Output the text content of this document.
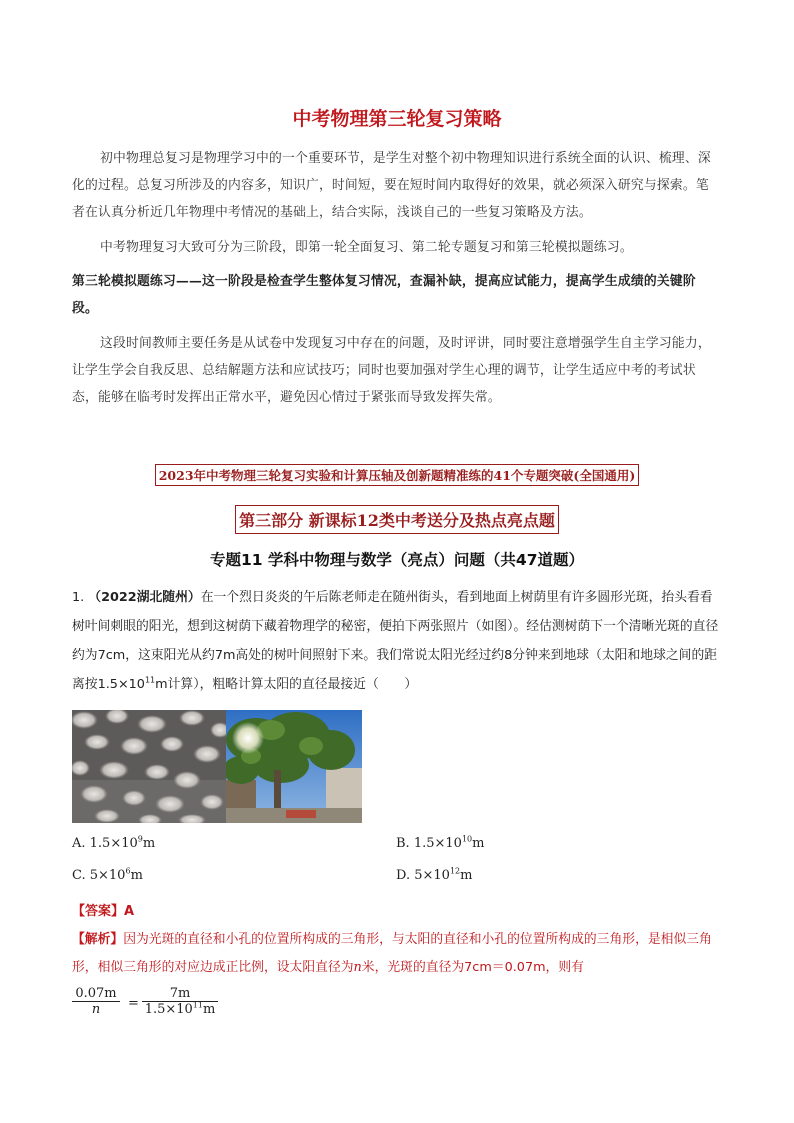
中考物理第三轮复习策略
初中物理总复习是物理学习中的一个重要环节，是学生对整个初中物理知识进行系统全面的认识、梳理、深化的过程。总复习所涉及的内容多，知识广，时间短，要在短时间内取得好的效果，就必须深入研究与探索。笔者在认真分析近几年物理中考情况的基础上，结合实际，浅谈自己的一些复习策略及方法。
中考物理复习大致可分为三阶段，即第一轮全面复习、第二轮专题复习和第三轮模拟题练习。
第三轮模拟题练习——这一阶段是检查学生整体复习情况，查漏补缺，提高应试能力，提高学生成绩的关键阶段。
这段时间教师主要任务是从试卷中发现复习中存在的问题，及时评讲，同时要注意增强学生自主学习能力，让学生学会自我反思、总结解题方法和应试技巧；同时也要加强对学生心理的调节，让学生适应中考的考试状态，能够在临考时发挥出正常水平，避免因心情过于紧张而导致发挥失常。
2023年中考物理三轮复习实验和计算压轴及创新题精准练的41个专题突破(全国通用)
第三部分 新课标12类中考送分及热点亮点题
专题11 学科中物理与数学（亮点）问题（共47道题）
1. （2022湖北随州）在一个烈日炎炎的午后陈老师走在随州街头，看到地面上树荫里有许多圆形光斑，抬头看看树叶间刺眼的阳光，想到这树荫下藏着物理学的秘密，便拍下两张照片（如图）。经估测树荫下一个清晰光斑的直径约为7cm，这束阳光从约7m高处的树叶间照射下来。我们常说太阳光经过约8分钟来到地球（太阳和地球之间的距离按$1.5\times 10^{11}m$计算），粗略计算太阳的直径最接近（　　）
A. $1.5\times 10^9m$	B. $1.5\times 10^{10}m$
C. $5\times 10^6m$	D. $5\times 10^{12}m$
【答案】A
【解析】因为光斑的直径和小孔的位置所构成的三角形，与太阳的直径和小孔的位置所构成的三角形，是相似三角形，相似三角形的对应边成正比例，设太阳直径为n米，光斑的直径为7cm＝0.07m，则有
$\frac{0.07m}{n} = \frac{7m}{1.5\times 10^{11}m}$
